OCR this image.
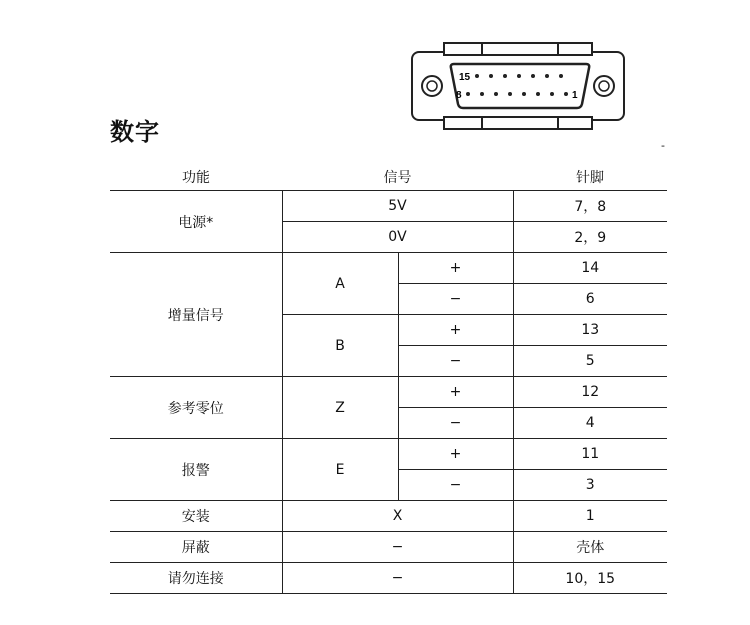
15
8	1
数字	-
功能	信号		针脚
电源*	5V		7，8
	0V		2，9
增量信号	A	+	14
		−	6
	B	+	13
		−	5
参考零位	Z	+	12
		−	4
报警	E	+	11
		−	3
安装	X		1
屏蔽	−		壳体
请勿连接	−		10，15
